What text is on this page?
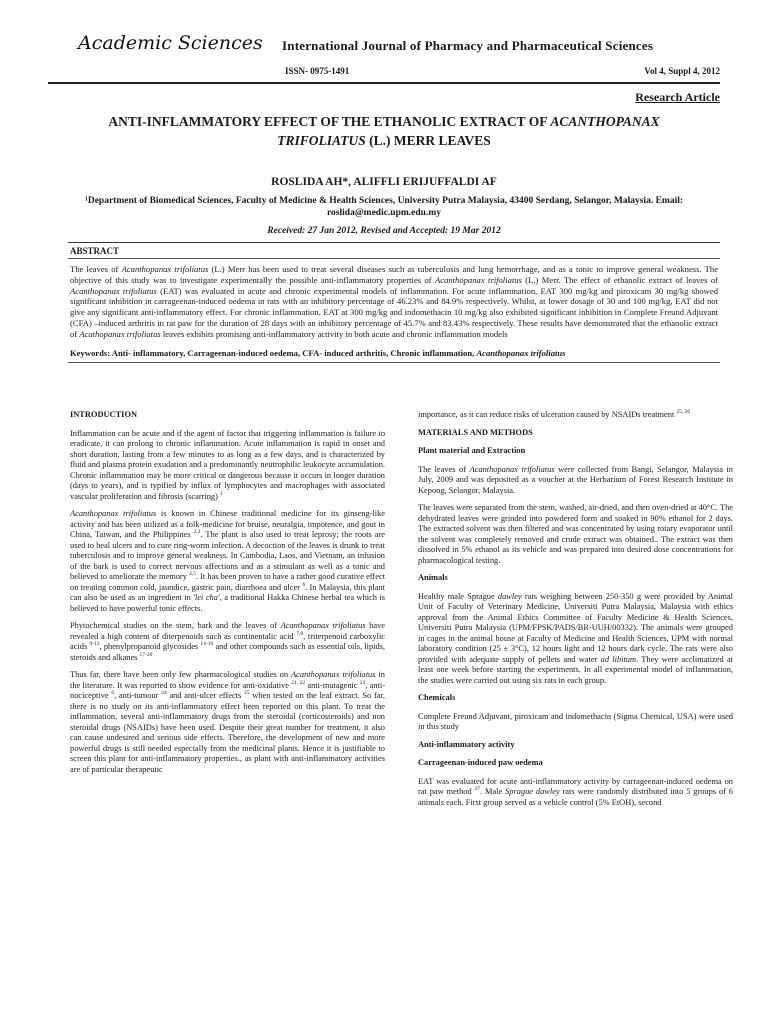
Academic Sciences International Journal of Pharmacy and Pharmaceutical Sciences
ISSN- 0975-1491	Vol 4, Suppl 4, 2012
Research Article
ANTI-INFLAMMATORY EFFECT OF THE ETHANOLIC EXTRACT OF ACANTHOPANAX
TRIFOLIATUS (L.) MERR LEAVES
ROSLIDA AH*, ALIFFLI ERIJUFFALDI AF
¹Department of Biomedical Sciences, Faculty of Medicine & Health Sciences, University Putra Malaysia, 43400 Serdang, Selangor, Malaysia. Email: roslida@medic.upm.edu.my
Received: 27 Jan 2012, Revised and Accepted: 19 Mar 2012
ABSTRACT
The leaves of Acanthopanax trifoliatus (L.) Merr has been used to treat several diseases such as tuberculosis and lung hemorrhage, and as a tonic to improve general weakness. The objective of this study was to investigate experimentally the possible anti-inflammatory properties of Acanthopanax trifoliatus (L.) Merr. The effect of ethanolic extract of leaves of Acanthopanax trifoliatus (EAT) was evaluated in acute and chronic experimental models of inflammation. For acute inflammation, EAT 300 mg/kg and piroxicam 30 mg/kg showed significant inhibition in carrageenan-induced oedema in rats with an inhibitory percentage of 46.23% and 84.9% respectively. Whilst, at lower dosage of 30 and 100 mg/kg, EAT did not give any significant anti-inflammatory effect. For chronic inflammation, EAT at 300 mg/kg and indomethacin 10 mg/kg also exhibited significant inhibition in Complete Freund Adjuvant (CFA) –induced arthritis in rat paw for the duration of 28 days with an inhibitory percentage of 45.7% and 83.43% respectively. These results have demonstrated that the ethanolic extract of Acathopanax trifoliatus leaves exhibits promising anti-inflammatory activity in both acute and chronic inflammation models
Keywords: Anti- inflammatory, Carrageenan-induced oedema, CFA- induced arthritis, Chronic inflammation, Acanthopanax trifoliatus

INTRODUCTION

Inflammation can be acute and if the agent of factor that triggering inflammation is failure to eradicate, it can prolong to chronic inflammation. Acute inflammation is rapid in onset and short duration, lasting from a few minutes to as long as a few days, and is characterized by fluid and plasma protein exudation and a predominantly neutrophilic leukocyte accumulation. Chronic inflammation may be more critical or dangerous because it occurs in longer duration (days to years), and is typified by influx of lymphocytes and macrophages with associated vascular proliferation and fibrosis (scarring) $^1$

Acanthopanax trifoliatus is known in Chinese traditional medicine for its ginseng-like activity and has been utilized as a folk-medicine for bruise, neuralgia, impotence, and gout in China, Taiwan, and the Philippines $^{2,3}$. The plant is also used to treat leprosy; the roots are used to heal ulcers and to cure ring-worm infection. A decoction of the leaves is drunk to treat tuberculosis and to improve general weakness. In Cambodia, Laos, and Vietnam, an infusion of the bark is used to correct nervous affections and as a stimulant as well as a tonic and believed to ameliorate the memory $^{4,5}$. It has been proven to have a rather good curative effect on treating common cold, jaundice, gastric pain, diarrhoea and ulcer $^6$. In Malaysia, this plant can also be used as an ingredient in 'lei cha', a traditional Hakka Chinese herbal tea which is believed to have powerful tonic effects.

Phytochemical studies on the stem, bark and the leaves of Acanthopanax trifoliatus have revealed a high content of diterpenoids such as continentalic acid $^{7,8}$, triterpenoid carboxylic acids $^{9-13}$, phenylpropanoid glycosides $^{14-16}$ and other compounds such as essential oils, lipids, steroids and alkanes $^{17-20}$

Thus far, there have been only few pharmacological studies on Acanthopanax trifoliatus in the literature. It was reported to show evidence for anti-oxidative $^{21, 22}$ anti-mutagenic $^{23}$, anti-nociceptive $^6$, anti-tumour $^{24}$ and anti-ulcer effects $^{25}$ when tested on the leaf extract. So far, there is no study on its anti-inflammatory effect been reported on this plant. To treat the inflammation, several anti-inflammatory drugs from the steroidal (corticosteroids) and non steroidal drugs (NSAIDs) have been used. Despite their great number for treatment, it also can cause undesired and serious side effects. Therefore, the development of new and more powerful drugs is still needed especially from the medicinal plants. Hence it is justifiable to screen this plant for anti-inflammatory properties., as plant with anti-inflammatory activities are of particular therapeutic

importance, as it can reduce risks of ulceration caused by NSAIDs treatment $^{25, 26}$

MATERIALS AND METHODS

Plant material and Extraction

The leaves of Acanthopanax trifoliatus were collected from Bangi, Selangor, Malaysia in July, 2009 and was deposited as a voucher at the Herbarium of Forest Research Institute in Kepong, Selangor, Malaysia.

The leaves were separated from the stem, washed, air-dried, and then oven-dried at 40°C. The dehydrated leaves were grinded into powdered form and soaked in 90% ethanol for 2 days. The extracted solvent was then filtered and was concentrated by using rotary evaporator until the solvent was completely removed and crude extract was obtained.. The extract was then dissolved in 5% ethanol as its vehicle and was prepared into desired dose concentrations for pharmacological testing.

Animals

Healthy male Sprague dawley rats weighing between 250-350 g were provided by Animal Unit of Faculty of Veterinary Medicine, Universiti Putra Malaysia, Malaysia with ethics approval from the Animal Ethics Committee of Faculty Medicine & Health Sciences, Universiti Putra Malaysia (UPM/FPSK/PADS/BR-UUH/00332). The animals were grouped in cages in the animal house at Faculty of Medicine and Health Sciences, UPM with normal laboratory condition (25 ± 3°C), 12 hours light and 12 hours dark cycle. The rats were also provided with adequate supply of pellets and water ad libitum. They were acclimatized at least one week before starting the experiments. In all experimental model of inflammation, the studies were carried out using six rats in each group.

Chemicals

Complete Freund Adjuvant, piroxicam and indomethacin (Sigma Chemical, USA) were used in this study

Anti-inflammatory activity

Carrageenan-induced paw oedema

EAT was evaluated for acute anti-inflammatory activity by carrageenan-induced oedema on rat paw method $^{27}$. Male Sprague dawley rats were randomly distributed into 5 groups of 6 animals each. First group served as a vehicle control (5% EtOH), second
